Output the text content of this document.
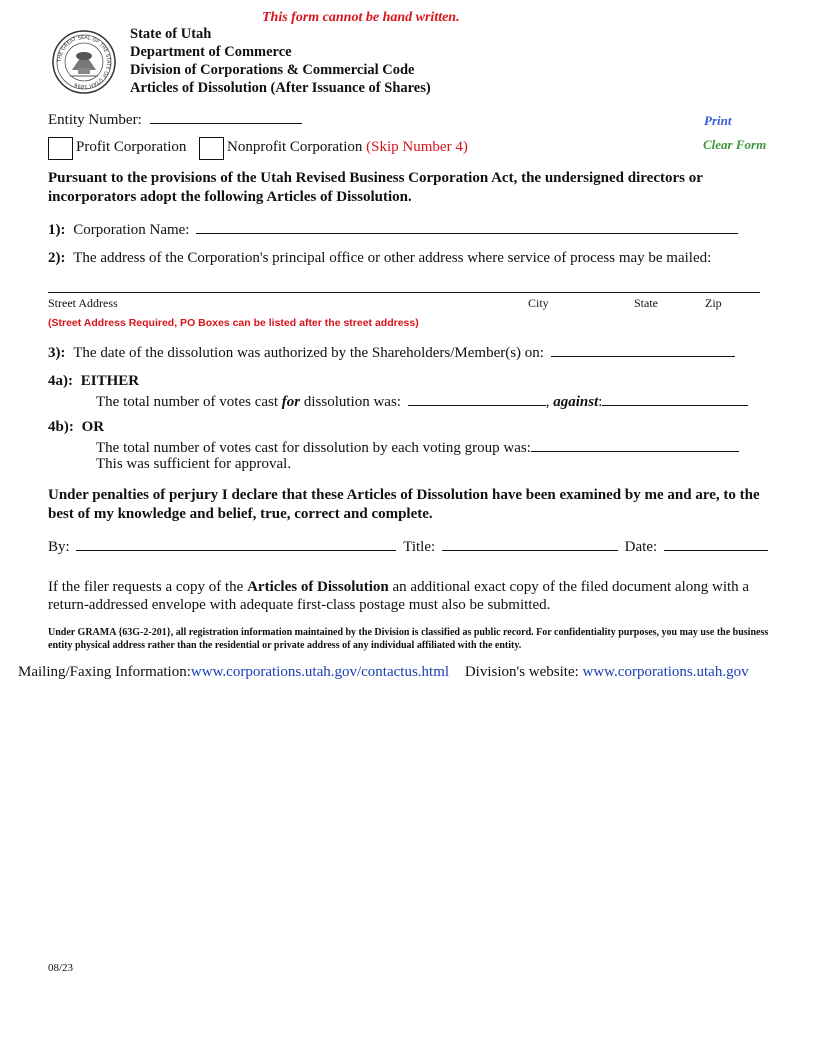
THE GREAT SEAL OF THE STATE OF UTAH 1896
This form cannot be hand written.
State of Utah
Department of Commerce
Division of Corporations & Commercial Code
Articles of Dissolution (After Issuance of Shares)
Print
Clear Form
Entity Number:
Profit Corporation	Nonprofit Corporation (Skip Number 4)
Pursuant to the provisions of the Utah Revised Business Corporation Act, the undersigned directors or incorporators adopt the following Articles of Dissolution.
1): Corporation Name:
2): The address of the Corporation's principal office or other address where service of process may be mailed:
Street Address	City	State	Zip
(Street Address Required, PO Boxes can be listed after the street address)
3): The date of the dissolution was authorized by the Shareholders/Member(s) on:
4a): EITHER
The total number of votes cast for dissolution was:	, against:
4b): OR
The total number of votes cast for dissolution by each voting group was:
This was sufficient for approval.
Under penalties of perjury I declare that these Articles of Dissolution have been examined by me and are, to the best of my knowledge and belief, true, correct and complete.
By:	Title:	Date:
If the filer requests a copy of the Articles of Dissolution an additional exact copy of the filed document along with a return-addressed envelope with adequate first-class postage must also be submitted.
Under GRAMA {63G-2-201}, all registration information maintained by the Division is classified as public record. For confidentiality purposes, you may use the business entity physical address rather than the residential or private address of any individual affiliated with the entity.
Mailing/Faxing Information:www.corporations.utah.gov/contactus.html Division's website: www.corporations.utah.gov
08/23
